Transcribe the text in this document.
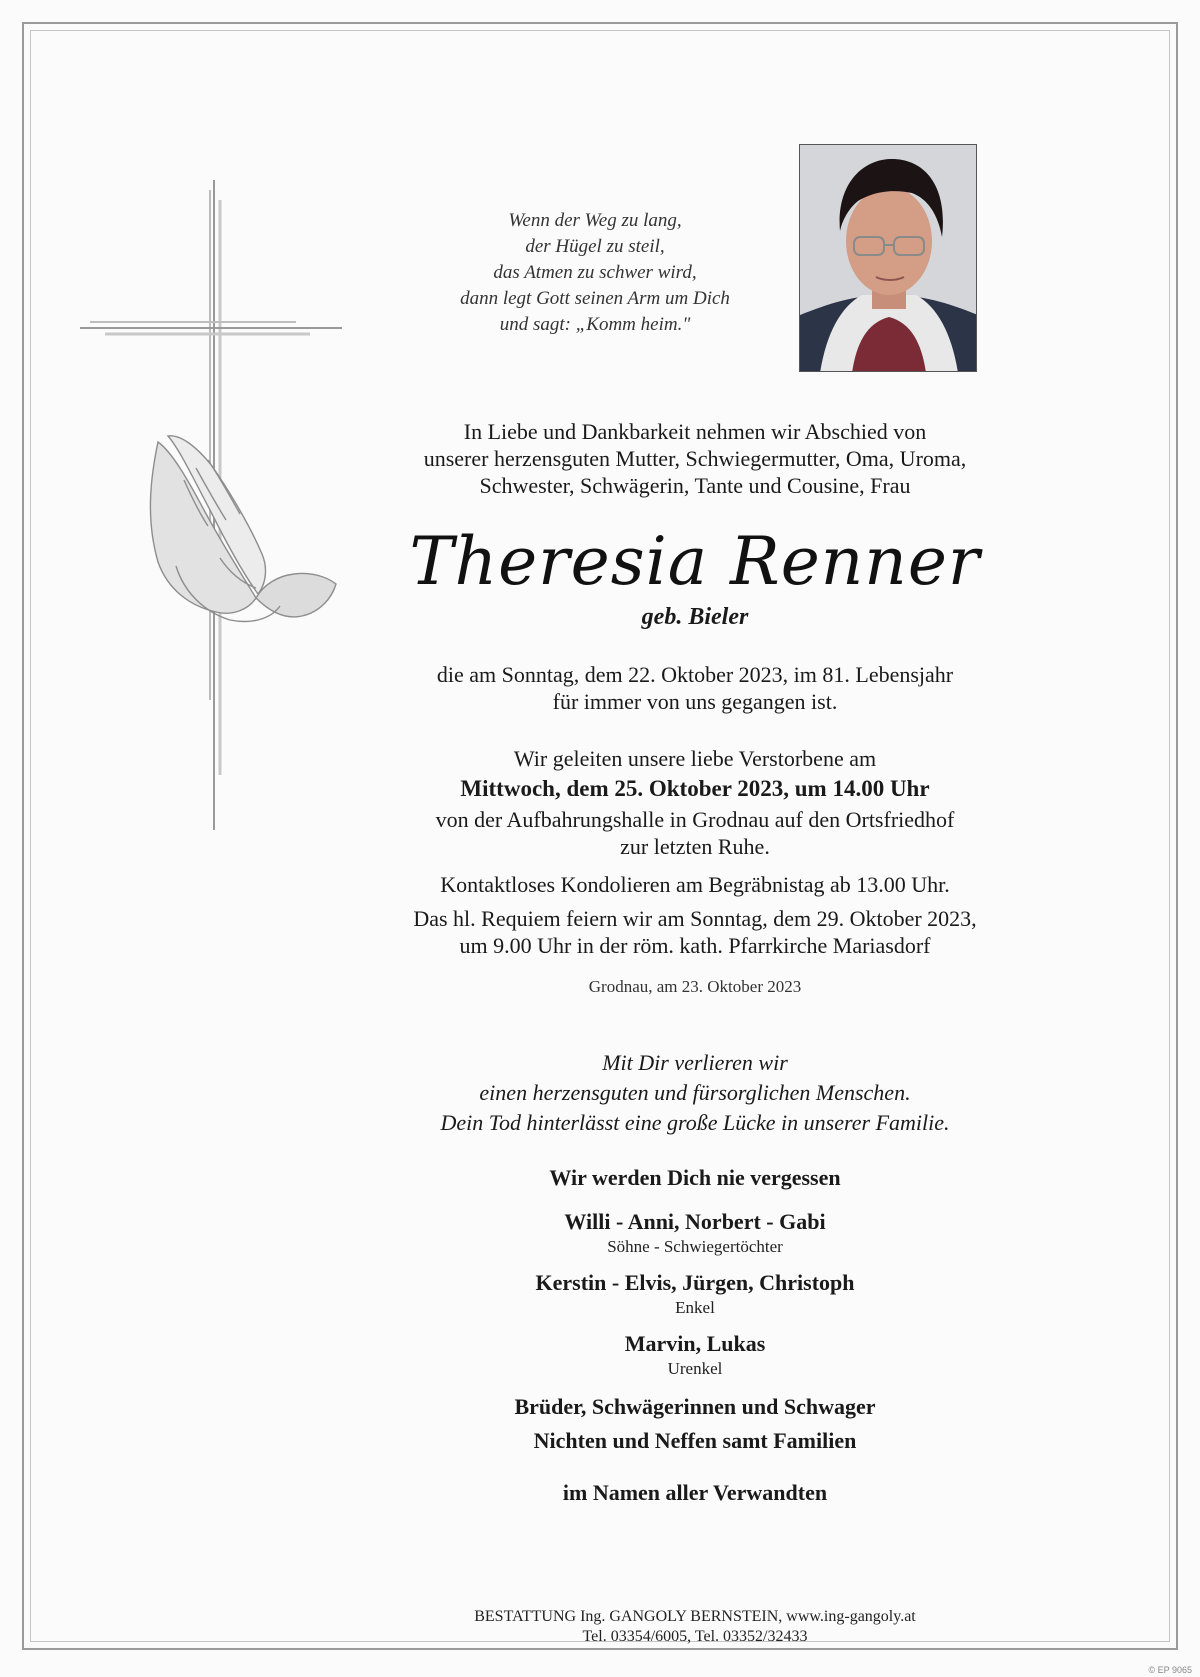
Wenn der Weg zu lang,
der Hügel zu steil,
das Atmen zu schwer wird,
dann legt Gott seinen Arm um Dich
und sagt: „Komm heim."
In Liebe und Dankbarkeit nehmen wir Abschied von
unserer herzensguten Mutter, Schwiegermutter, Oma, Uroma,
Schwester, Schwägerin, Tante und Cousine, Frau
Theresia Renner
geb. Bieler
die am Sonntag, dem 22. Oktober 2023, im 81. Lebensjahr
für immer von uns gegangen ist.
Wir geleiten unsere liebe Verstorbene am
Mittwoch, dem 25. Oktober 2023, um 14.00 Uhr
von der Aufbahrungshalle in Grodnau auf den Ortsfriedhof
zur letzten Ruhe.
Kontaktloses Kondolieren am Begräbnistag ab 13.00 Uhr.
Das hl. Requiem feiern wir am Sonntag, dem 29. Oktober 2023,
um 9.00 Uhr in der röm. kath. Pfarrkirche Mariasdorf
Grodnau, am 23. Oktober 2023
Mit Dir verlieren wir
einen herzensguten und fürsorglichen Menschen.
Dein Tod hinterlässt eine große Lücke in unserer Familie.
Wir werden Dich nie vergessen
Willi - Anni, Norbert - Gabi
Söhne - Schwiegertöchter
Kerstin - Elvis, Jürgen, Christoph
Enkel
Marvin, Lukas
Urenkel
Brüder, Schwägerinnen und Schwager
Nichten und Neffen samt Familien
im Namen aller Verwandten
BESTATTUNG Ing. GANGOLY BERNSTEIN, www.ing-gangoly.at
Tel. 03354/6005, Tel. 03352/32433
© EP 9065
